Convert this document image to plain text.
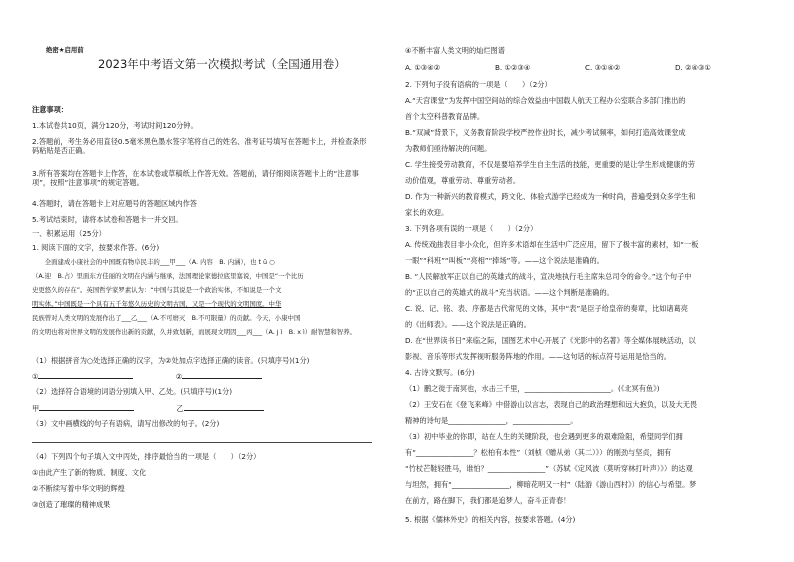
绝密★启用前
2023年中考语文第一次模拟考试（全国通用卷）
注意事项：
1.本试卷共10页，满分120分，考试时间120分钟。
2.答题前，考生务必用直径0.5毫米黑色墨水签字笔将自己的姓名、准考证号填写在答题卡上，并检查条形码粘贴是否正确。
3.所有答案均在答题卡上作答，在本试卷或草稿纸上作答无效。答题前，请仔细阅读答题卡上的“注意事项”，按照“注意事项”的规定答题。
4.答题时，请在答题卡上对应题号的答题区域内作答
5.考试结束时，请将本试卷和答题卡一并交回。
一、积累运用（25分）
1. 阅读下面的文字，按要求作答。(6分)
　　全面建成小康社会的中国既有物阜民丰的___甲___（A. 内容　B. 内涵），也 t ū ○
（A.迎　B.占）里面东方佳丽的文明在内涵与继承，法国理论家德拉底里塞说，中国是“一个比历
史更悠久的存在”。英国哲学家罗素认为：“中国与其说是一个政治实体，不如说是一个文
明实体。”中国既是一个具有五千年悠久历史的文明古国，又是一个现代的文明国度。中华
民族曾对人类文明的发展作出了___乙___（A.不可磨灭　B.不可限量）的贡献。今天，小康中国
的文明也将对世界文明的发展作出新的贡献，久并致划新，而展现文明因___丙___（A. j ì　B. x ì）耐智慧和智养。
（1）根据拼音为○处选择正确的汉字，为②处加点字选择正确的读音。(只填序号)(1分)
①	②
（2）选择符合语境的词语分别填入甲、乙处。(只填序号)(1分)
甲	乙
（3）文中画横线的句子有语病，请写出修改的句子。(2分)
（4）下列四个句子填入文中丙处，排序最恰当的一项是（　　）（2分）
①由此产生了新的物质、制度、文化
②不断续写着中华文明的辉煌
③创造了璀璨的精神成果
④不断丰富人类文明的灿烂图谱
A. ①③④②	B. ①②③④	C. ③①④②	D. ②④③①
2. 下列句子没有语病的一项是（　　）（2分）
A.“天宫课堂”为发挥中国空间站的综合效益由中国载人航天工程办公室联合多部门推出的
首个太空科普教育品牌。
B.“双减”背景下，义务教育阶段学校严控作业时长，减少考试频率，如何打造高效课堂成
为教师们亟待解决的问题。
C. 学生接受劳动教育，不仅是要培养学生自主生活的技能，更重要的是让学生形成健康的劳
动价值观，尊重劳动、尊重劳动者。
D. 作为一种新兴的教育模式，跨文化、体验式游学已经成为一种时尚，普遍受到众多学生和
家长的欢迎。
3. 下列各项有误的一项是（　　）（2分）
A. 传统戏曲表目非小众化，但许多术语却在生活中广泛应用，留下了极丰富的素材，如“一板
一眼”“科班”“叫板”“亮相”“捧场”等。——这个说法是准确的。
B. “人民解放军正以自己的英雄式的战斗，宣决地执行毛主席朱总司令的命令。”这个句子中
的“正以自己的英雄式的战斗”充当状语。——这个判断是准确的。
C. 说、记、铭、表、序都是古代常见的文体，其中“表”是臣子给皇帝的奏章，比如诸葛亮
的《出师表》。——这个说法是正确的。
D. 在“世界读书日”来临之际，国图艺术中心开展了《光影中的名著》等全媒体展映活动，以
影视、音乐等形式发挥视听服务阵地的作用。——这句话的标点符号运用是恰当的。
4. 古诗文默写。(6分)
（1）鹏之徙于南冥也，水击三千里，________________________。(《北冥有鱼》)
（2）王安石在《登飞来峰》中借游山以言志，表现自己的政治理想和远大抱负，以及大无畏
精神的诗句是________________，________________。
（3）初中毕业的你即，站在人生的关键阶段，也会遇到更多的艰难险阻，希望同学们拥
有“________________？松柏有本性”（刘桢《赠从弟（其二）》）的刚劲与坚贞，拥有
“竹杖芒鞋轻胜马，谁怕？________________”（苏轼《定风波（莫听穿林打叶声）》）的达观
与坦然，拥有“________________，柳暗花明又一村”（陆游《游山西村》）的信心与希望。梦
在前方，路在脚下，我们都是追梦人，奋斗正青春！
5. 根据《儒林外史》的相关内容，按要求答题。(4分)
